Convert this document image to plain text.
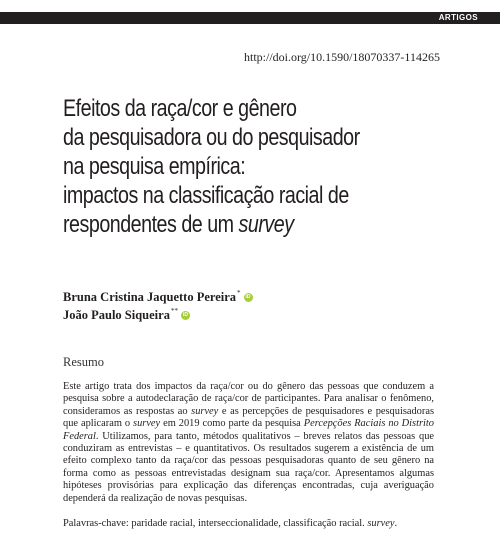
ARTIGOS
http://doi.org/10.1590/18070337-114265
Efeitos da raça/cor e gênero
da pesquisadora ou do pesquisador
na pesquisa empírica:
impactos na classificação racial de
respondentes de um survey
Bruna Cristina Jaquetto Pereira*
iD
João Paulo Siqueira**
iD
Resumo

Este artigo trata dos impactos da raça/cor ou do gênero das pessoas que conduzem a pesquisa sobre a autodeclaração de raça/cor de participantes. Para analisar o fenômeno, consideramos as respostas ao survey e as percepções de pesquisadores e pesquisadoras que aplicaram o survey em 2019 como parte da pesquisa Percepções Raciais no Distrito Federal. Utilizamos, para tanto, métodos qualitativos – breves relatos das pessoas que conduziram as entrevistas – e quantitativos. Os resultados sugerem a existência de um efeito complexo tanto da raça/cor das pessoas pesquisadoras quanto de seu gênero na forma como as pessoas entrevistadas designam sua raça/cor. Apresentamos algumas hipóteses provisórias para explicação das diferenças encontradas, cuja averiguação dependerá da realização de novas pesquisas.

Palavras-chave: paridade racial, interseccionalidade, classificação racial. survey.
